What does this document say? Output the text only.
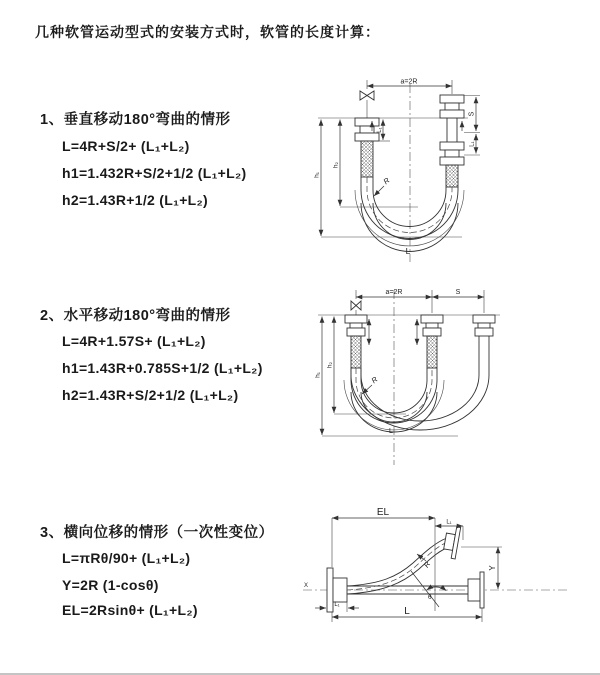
几种软管运动型式的安装方式时，软管的长度计算：
1、垂直移动180°弯曲的情形
L=4R+S/2+ (L₁+L₂)
h1=1.432R+S/2+1/2 (L₁+L₂)
h2=1.43R+1/2 (L₁+L₂)
2、水平移动180°弯曲的情形
L=4R+1.57S+ (L₁+L₂)
h1=1.43R+0.785S+1/2 (L₁+L₂)
h2=1.43R+S/2+1/2 (L₁+L₂)
3、横向位移的情形（一次性变位）
L=πRθ/90+ (L₁+L₂)
Y=2R (1-cosθ)
EL=2Rsinθ+ (L₁+L₂)
a=2R
S
L₁
L₁
h₁
h₂
R
L
a=2R	S
h₁
h₂
R
L
X
θ
EL
L₁
Y
L
L₁
R
